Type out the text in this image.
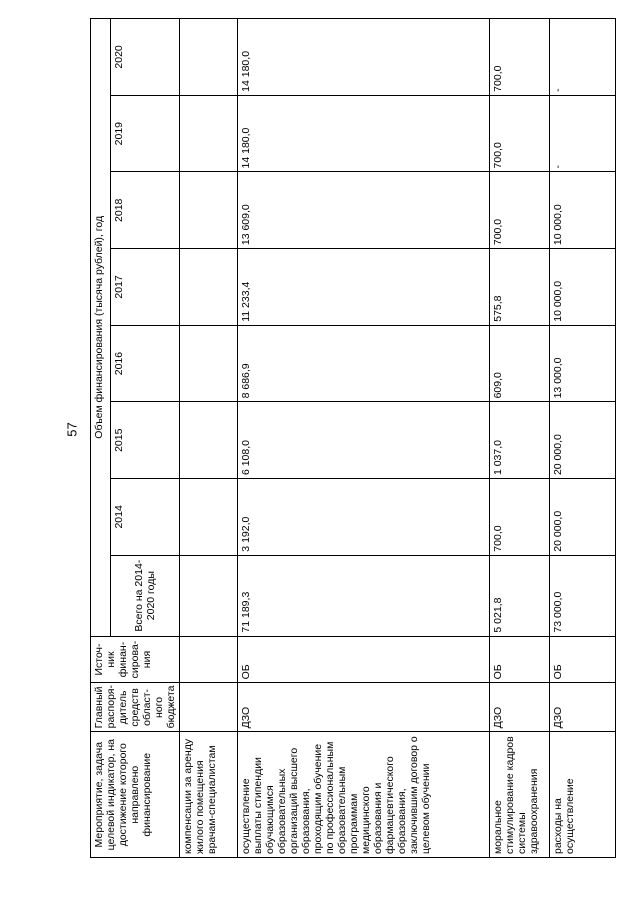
57
Мероприятие, задача целевой индикатор, на достижение которого направлено финансирование	Главный распоря-дитель средств област-ного бюджета	Источ-ник финан-сирова-ния	Объем финансирования (тысяча рублей), год							
			Всего на 2014-2020 годы	2014	2015	2016	2017	2018	2019	2020
компенсации за аренду жилого помещения врачам-специалистам										
осуществление выплаты стипендии обучающимся образовательных организаций высшего образования, проходящим обучение по профессиональным образовательным программам медицинского образования и фармацевтического образования, заключившим договор о целевом обучении	ДЗО	ОБ	71 189,3	3 192,0	6 108,0	8 686,9	11 233,4	13 609,0	14 180,0	14 180,0
моральное стимулирование кадров системы здравоохранения	ДЗО	ОБ	5 021,8	700,0	1 037,0	609,0	575,8	700,0	700,0	700,0
расходы на осуществление	ДЗО	ОБ	73 000,0	20 000,0	20 000,0	13 000,0	10 000,0	10 000,0	-	-
